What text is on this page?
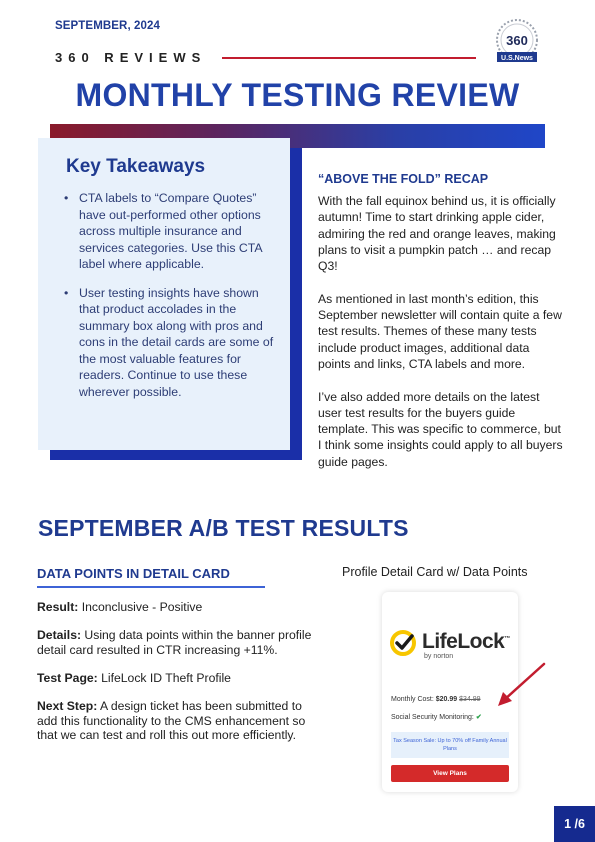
SEPTEMBER, 2024
360 REVIEWS
360
U.S.News
MONTHLY TESTING REVIEW
Key Takeaways
• CTA labels to “Compare Quotes” have out-performed other options across multiple insurance and services categories. Use this CTA label where applicable.
• User testing insights have shown that product accolades in the summary box along with pros and cons in the detail cards are some of the most valuable features for readers. Continue to use these wherever possible.
“ABOVE THE FOLD” RECAP

With the fall equinox behind us, it is officially autumn! Time to start drinking apple cider, admiring the red and orange leaves, making plans to visit a pumpkin patch … and recap Q3!

As mentioned in last month’s edition, this September newsletter will contain quite a few test results. Themes of these many tests include product images, additional data points and links, CTA labels and more.

I’ve also added more details on the latest user test results for the buyers guide template. This was specific to commerce, but I think some insights could apply to all buyers guide pages.

SEPTEMBER A/B TEST RESULTS
DATA POINTS IN DETAIL CARD

Result: Inconclusive - Positive

Details: Using data points within the banner profile detail card resulted in CTR increasing +11%.

Test Page: LifeLock ID Theft Profile

Next Step: A design ticket has been submitted to add this functionality to the CMS enhancement so that we can test and roll this out more efficiently.

Profile Detail Card w/ Data Points
LifeLock™
by norton
Monthly Cost: $20.99 $34.99
Social Security Monitoring: ✔
Tax Season Sale: Up to 70% off Family Annual Plans
View Plans
1 /6
